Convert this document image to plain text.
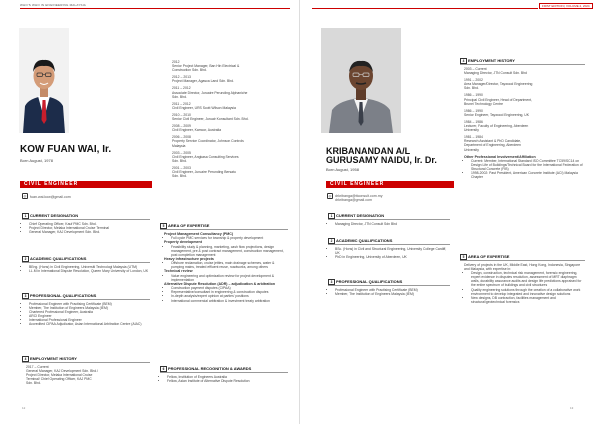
WHO'S WHO IN ENGINEERING MALAYSIA
KOW FUAN WAI, Ir.
Born August, 1978
CIVIL ENGINEER
@ fuan.wai.kow@gmail.com
1 CURRENT DESIGNATION
• Chief Operating Officer, Kauf PMC Sdn. Bhd.
• Project Director, Melaka International Cruise Terminal
• General Manager, KAJ Development Sdn. Bhd.
2 ACADEMIC QUALIFICATIONS
• BEng. (Hons) in Civil Engineering, Universiti Technologi Malaysia (UTM)
• LL.M in International Dispute Resolution, Queen Mary University of London, UK
3 PROFESSIONAL QUALIFICATIONS
• Professional Engineer with Practising Certificate (BEM)
• Member, The Institution of Engineers Malaysia (IEM)
• Chartered Professional Engineer, Australia
• ARCI Engineer
• International Professional Engineer
• Accredited CIPAA Adjudicator, Asian International Arbitration Centre (AIAC)
4 EMPLOYMENT HISTORY
2017 – Current
General Manager, KAJ Development Sdn. Bhd./
Project Director, Melaka International Cruise
Terminal/ Chief Operating Officer, KAJ PMC
Sdn. Bhd.
2012
Senior Project Manager, Ban Hin Electrical &
Construction Sdn. Bhd.
2012 – 2013
Project Manager, Agasca Land Sdn. Bhd.
2011 – 2012
Associate Director, Juruaire Perunding Alphaniche
Sdn. Bhd.
2011 – 2012
Civil Engineer, URS Scott Wilson Malaysia
2010 – 2010
Senior Civil Engineer, Juruair Konsultant Sdn. Bhd.
2008 – 2009
Civil Engineer, Kamcor, Australia
2006 – 2008
Property Service Coordinator, Johnson Controls
Malaysia
2003 – 2005
Civil Engineer, Angkasa Consulting Services
Sdn. Bhd.
2001 – 2003
Civil Engineer, Juruaire Perunding Bersatu
Sdn. Bhd.
5 AREA OF EXPERTISE
Project Management Consultancy (PMC)
• Full cycle PMC services for township & property development
Property development
• Feasibility study & planning, marketing, cash flow projections, design management, pre & post contract management, construction management, post completion management
Heavy infrastructure projects
• Offshore reclamation, cruise jetties, main drainage schemes, water & pumping mains, treated effluent reuse, roadworks, among others
Technical review
• Value engineering and optimization review for project development & implementation
Alternative Dispute Resolution (ADR) – adjudication & arbitration
• Construction payment disputes (CIPAA)
• Representative/consultant in engineering & construction disputes
• In-depth analysis/expert opinion at parties' positions
• International commercial arbitration & investment treaty arbitration
6 PROFESSIONAL RECOGNITION & AWARDS
• Fellow, Institution of Engineers Australia
• Fellow, Asian Institute of Alternative Dispute Resolution
12
FIRST EDITION | VOLUME 2, 2024
KRIBANANDAN A/L GURUSAMY NAIDU, Ir. Dr.
Born August, 1958
CIVIL ENGINEER
@ drkribanga@ttconsult.com.my
drkribanga@gmail.com
1 CURRENT DESIGNATION
• Managing Director, JTN Consult Sdn Bhd
2 ACADEMIC QUALIFICATIONS
• BSc. (Hons) in Civil and Structural Engineering, University College Cardiff, UK
• PhD in Engineering, University of Aberdeen, UK
3 PROFESSIONAL QUALIFICATIONS
• Professional Engineer with Practising Certificate (BEM)
• Member, The Institution of Engineers Malaysia (IEM)
4 EMPLOYMENT HISTORY
2003 – Current
Managing Director, JTN Consult Sdn. Bhd
1991 – 2002
Area Manager/Director, Taywood Engineering
Sdn. Bhd.
1986 – 1990
Principal Civil Engineer, Head of Department,
Brunei Technology Centre
1986 – 1990
Senior Engineer, Taywood Engineering, UK
1984 – 1986
Lecturer, Faculty of Engineering, Aberdeen
University
1981 – 1984
Research Assistant & PhD Candidate,
Department of Engineering, Aberdeen
University
Other Professional Involvement/Affiliation
• Current: Member, International Standard ISO Committee TC59/SC14 on Design Life of Buildings/Technical Board for the International Federation of Structural Concrete (FIB)
• 1998-2002: Past President, American Concrete Institute (ACI) Malaysia Chapter
5 AREA OF EXPERTISE
Delivery of projects in the UK, Middle East, Hong Kong, Indonesia, Singapore and Malaysia, with expertise in:
• Design, construction, technical risk management, forensic engineering, expert evidence in disputes resolution, assessment of MRT diaphragm walls, durability assurance audits and design life predictions appraised for the entire spectrum of buildings and civil structures
• Quality engineering solutions through the creation of a collaborative work environment to develop integrated and innovative design solutions
• New designs, DB contraction, facilities management and structural/geotechnical forensics
13
